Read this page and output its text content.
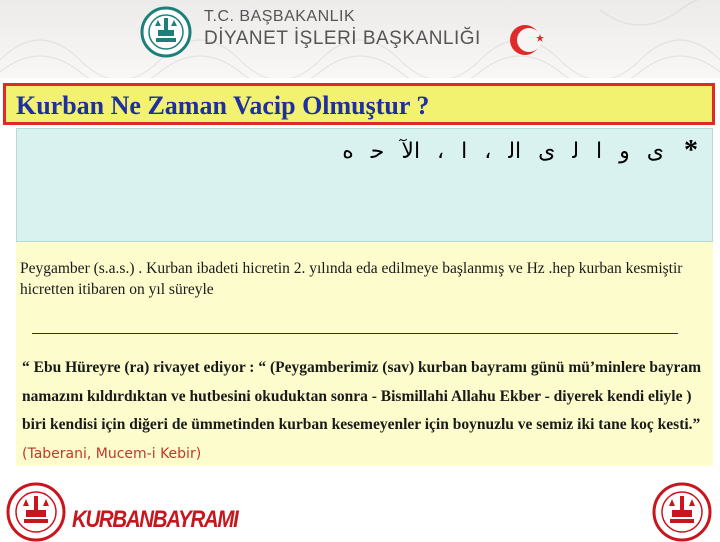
T.C. BAŞBAKANLIK
DİYANET İŞLERİ BAŞKANLIĞI
Kurban Ne Zaman Vacip Olmuştur ?
*
ی و ا ﻟ ی ﺍﻟ ، ﺍ ، ﺍﻵ ﺣ ﻩ
Peygamber (s.a.s.) . Kurban ibadeti hicretin 2. yılında eda edilmeye başlanmış ve Hz .hep kurban kesmiştir hicretten itibaren on yıl süreyle
“ Ebu Hüreyre (ra) rivayet ediyor : “ (Peygamberimiz (sav) kurban bayramı günü mü’minlere bayram namazını kıldırdıktan ve hutbesini okuduktan sonra - Bismillahi Allahu Ekber - diyerek kendi eliyle ) biri kendisi için diğeri de ümmetinden kurban kesemeyenler için boynuzlu ve semiz iki tane koç kesti.” (Taberani, Mucem-i Kebir)
KURBANBAYRAMI
